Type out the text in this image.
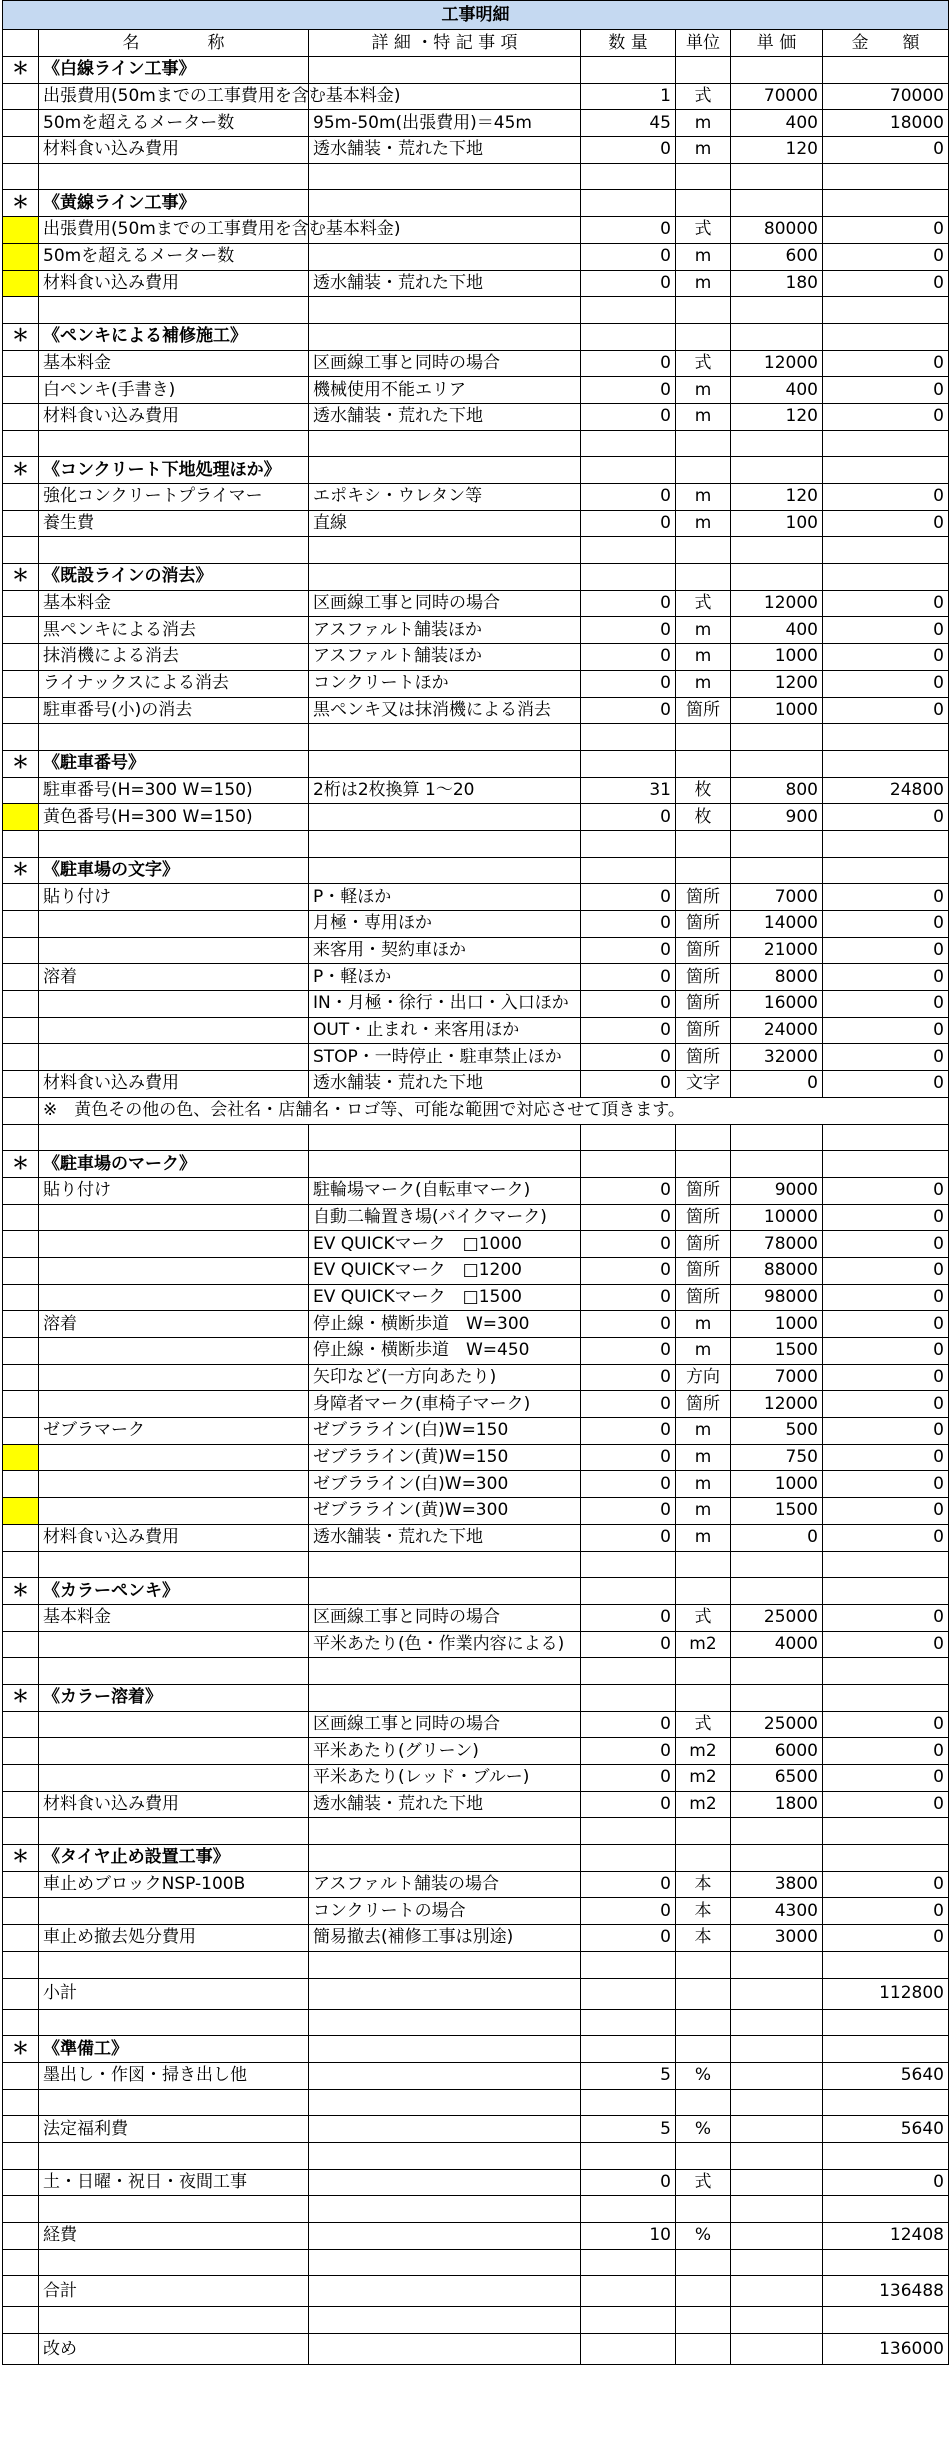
工事明細						
	名　　　　称	詳 細 ・特 記 事 項	数 量	単位	単 価	金　　額
＊	《白線ライン工事》					
	出張費用(50mまでの工事費用を含む基本料金)		1	式	70000	70000
	50mを超えるメーター数	95m-50m(出張費用)＝45m	45	m	400	18000
	材料食い込み費用	透水舗装・荒れた下地	0	m	120	0

＊	《黄線ライン工事》					
	出張費用(50mまでの工事費用を含む基本料金)		0	式	80000	0
	50mを超えるメーター数		0	m	600	0
	材料食い込み費用	透水舗装・荒れた下地	0	m	180	0

＊	《ペンキによる補修施工》					
	基本料金	区画線工事と同時の場合	0	式	12000	0
	白ペンキ(手書き)	機械使用不能エリア	0	m	400	0
	材料食い込み費用	透水舗装・荒れた下地	0	m	120	0

＊	《コンクリート下地処理ほか》					
	強化コンクリートプライマー	エポキシ・ウレタン等	0	m	120	0
	養生費	直線	0	m	100	0

＊	《既設ラインの消去》					
	基本料金	区画線工事と同時の場合	0	式	12000	0
	黒ペンキによる消去	アスファルト舗装ほか	0	m	400	0
	抹消機による消去	アスファルト舗装ほか	0	m	1000	0
	ライナックスによる消去	コンクリートほか	0	m	1200	0
	駐車番号(小)の消去	黒ペンキ又は抹消機による消去	0	箇所	1000	0

＊	《駐車番号》					
	駐車番号(H=300 W=150)	2桁は2枚換算 1～20	31	枚	800	24800
	黄色番号(H=300 W=150)		0	枚	900	0

＊	《駐車場の文字》					
	貼り付け	P・軽ほか	0	箇所	7000	0
		月極・専用ほか	0	箇所	14000	0
		来客用・契約車ほか	0	箇所	21000	0
	溶着	P・軽ほか	0	箇所	8000	0
		IN・月極・徐行・出口・入口ほか	0	箇所	16000	0
		OUT・止まれ・来客用ほか	0	箇所	24000	0
		STOP・一時停止・駐車禁止ほか	0	箇所	32000	0
	材料食い込み費用	透水舗装・荒れた下地	0	文字	0	0
	※　黄色その他の色、会社名・店舗名・ロゴ等、可能な範囲で対応させて頂きます。					

＊	《駐車場のマーク》					
	貼り付け	駐輪場マーク(自転車マーク)	0	箇所	9000	0
		自動二輪置き場(バイクマーク)	0	箇所	10000	0
		EV QUICKマーク　□1000	0	箇所	78000	0
		EV QUICKマーク　□1200	0	箇所	88000	0
		EV QUICKマーク　□1500	0	箇所	98000	0
	溶着	停止線・横断歩道　W=300	0	m	1000	0
		停止線・横断歩道　W=450	0	m	1500	0
		矢印など(一方向あたり)	0	方向	7000	0
		身障者マーク(車椅子マーク)	0	箇所	12000	0
	ゼブラマーク	ゼブラライン(白)W=150	0	m	500	0
		ゼブラライン(黄)W=150	0	m	750	0
		ゼブラライン(白)W=300	0	m	1000	0
		ゼブラライン(黄)W=300	0	m	1500	0
	材料食い込み費用	透水舗装・荒れた下地	0	m	0	0

＊	《カラーペンキ》					
	基本料金	区画線工事と同時の場合	0	式	25000	0
		平米あたり(色・作業内容による)	0	m2	4000	0

＊	《カラー溶着》					
		区画線工事と同時の場合	0	式	25000	0
		平米あたり(グリーン)	0	m2	6000	0
		平米あたり(レッド・ブルー)	0	m2	6500	0
	材料食い込み費用	透水舗装・荒れた下地	0	m2	1800	0

＊	《タイヤ止め設置工事》					
	車止めブロックNSP-100B	アスファルト舗装の場合	0	本	3800	0
		コンクリートの場合	0	本	4300	0
	車止め撤去処分費用	簡易撤去(補修工事は別途)	0	本	3000	0

	小計					112800

＊	《準備工》					
	墨出し・作図・掃き出し他		5	%		5640

	法定福利費		5	%		5640

	土・日曜・祝日・夜間工事		0	式		0

	経費		10	%		12408

	合計					136488

	改め					136000
